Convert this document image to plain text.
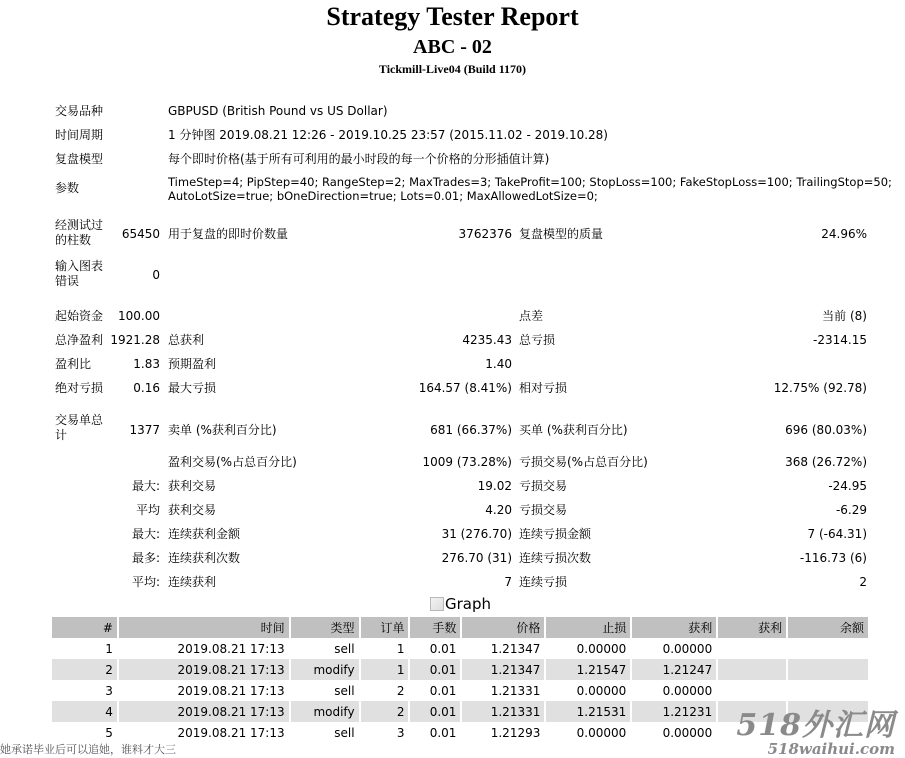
Strategy Tester Report
ABC - 02
Tickmill-Live04 (Build 1170)
交易品种	GBPUSD (British Pound vs US Dollar)
时间周期	1 分钟图 2019.08.21 12:26 - 2019.10.25 23:57 (2015.11.02 - 2019.10.28)
复盘模型	每个即时价格(基于所有可利用的最小时段的每一个价格的分形插值计算)
参数	TimeStep=4; PipStep=40; RangeStep=2; MaxTrades=3; TakeProfit=100; StopLoss=100; FakeStopLoss=100; TrailingStop=50;
AutoLotSize=true; bOneDirection=true; Lots=0.01; MaxAllowedLotSize=0;
经测试过的柱数	65450 用于复盘的即时价数量	3762376 复盘模型的质量	24.96%
输入图表错误	0
起始资金	100.00	点差	当前 (8)
总净盈利 1921.28 总获利	4235.43 总亏损	-2314.15
盈利比	1.83 预期盈利	1.40
绝对亏损	0.16 最大亏损	164.57 (8.41%) 相对亏损	12.75% (92.78)
交易单总计	1377 卖单 (%获利百分比)	681 (66.37%) 买单 (%获利百分比)	696 (80.03%)
盈利交易(%占总百分比)	1009 (73.28%) 亏损交易(%占总百分比)	368 (26.72%)
最大: 获利交易	19.02 亏损交易	-24.95
平均 获利交易	4.20 亏损交易	-6.29
最大: 连续获利金额	31 (276.70) 连续亏损金额	7 (-64.31)
最多: 连续获利次数	276.70 (31) 连续亏损次数	-116.73 (6)
平均: 连续获利	7 连续亏损	2
Graph
#	时间	类型	订单	手数	价格	止损	获利	获利	余额
1	2019.08.21 17:13	sell	1	0.01	1.21347	0.00000	0.00000		
2	2019.08.21 17:13	modify	1	0.01	1.21347	1.21547	1.21247		
3	2019.08.21 17:13	sell	2	0.01	1.21331	0.00000	0.00000		
4	2019.08.21 17:13	modify	2	0.01	1.21331	1.21531	1.21231		
5	2019.08.21 17:13	sell	3	0.01	1.21293	0.00000	0.00000		518外汇网
518waihui.com
她承诺毕业后可以追她，谁料才大三
